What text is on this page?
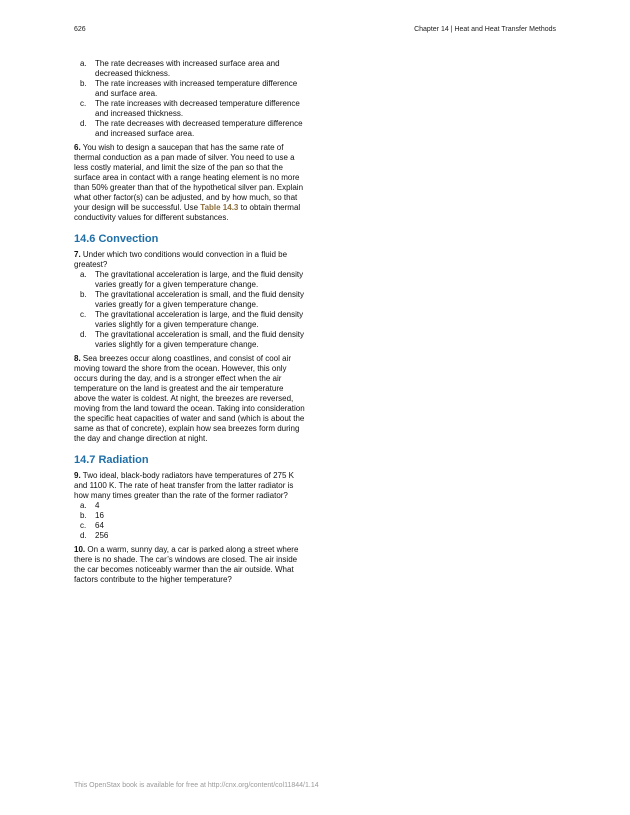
626	Chapter 14 | Heat and Heat Transfer Methods
a.	The rate decreases with increased surface area and decreased thickness.
b.	The rate increases with increased temperature difference and surface area.
c.	The rate increases with decreased temperature difference and increased thickness.
d.	The rate decreases with decreased temperature difference and increased surface area.
6. You wish to design a saucepan that has the same rate of thermal conduction as a pan made of silver. You need to use a less costly material, and limit the size of the pan so that the surface area in contact with a range heating element is no more than 50% greater than that of the hypothetical silver pan. Explain what other factor(s) can be adjusted, and by how much, so that your design will be successful. Use Table 14.3 to obtain thermal conductivity values for different substances.
14.6 Convection
7. Under which two conditions would convection in a fluid be greatest?
a.	The gravitational acceleration is large, and the fluid density varies greatly for a given temperature change.
b.	The gravitational acceleration is small, and the fluid density varies greatly for a given temperature change.
c.	The gravitational acceleration is large, and the fluid density varies slightly for a given temperature change.
d.	The gravitational acceleration is small, and the fluid density varies slightly for a given temperature change.
8. Sea breezes occur along coastlines, and consist of cool air moving toward the shore from the ocean. However, this only occurs during the day, and is a stronger effect when the air temperature on the land is greatest and the air temperature above the water is coldest. At night, the breezes are reversed, moving from the land toward the ocean. Taking into consideration the specific heat capacities of water and sand (which is about the same as that of concrete), explain how sea breezes form during the day and change direction at night.
14.7 Radiation
9. Two ideal, black-body radiators have temperatures of 275 K and 1100 K. The rate of heat transfer from the latter radiator is how many times greater than the rate of the former radiator?
a.	4
b.	16
c.	64
d.	256
10. On a warm, sunny day, a car is parked along a street where there is no shade. The car’s windows are closed. The air inside the car becomes noticeably warmer than the air outside. What factors contribute to the higher temperature?
This OpenStax book is available for free at http://cnx.org/content/col11844/1.14
